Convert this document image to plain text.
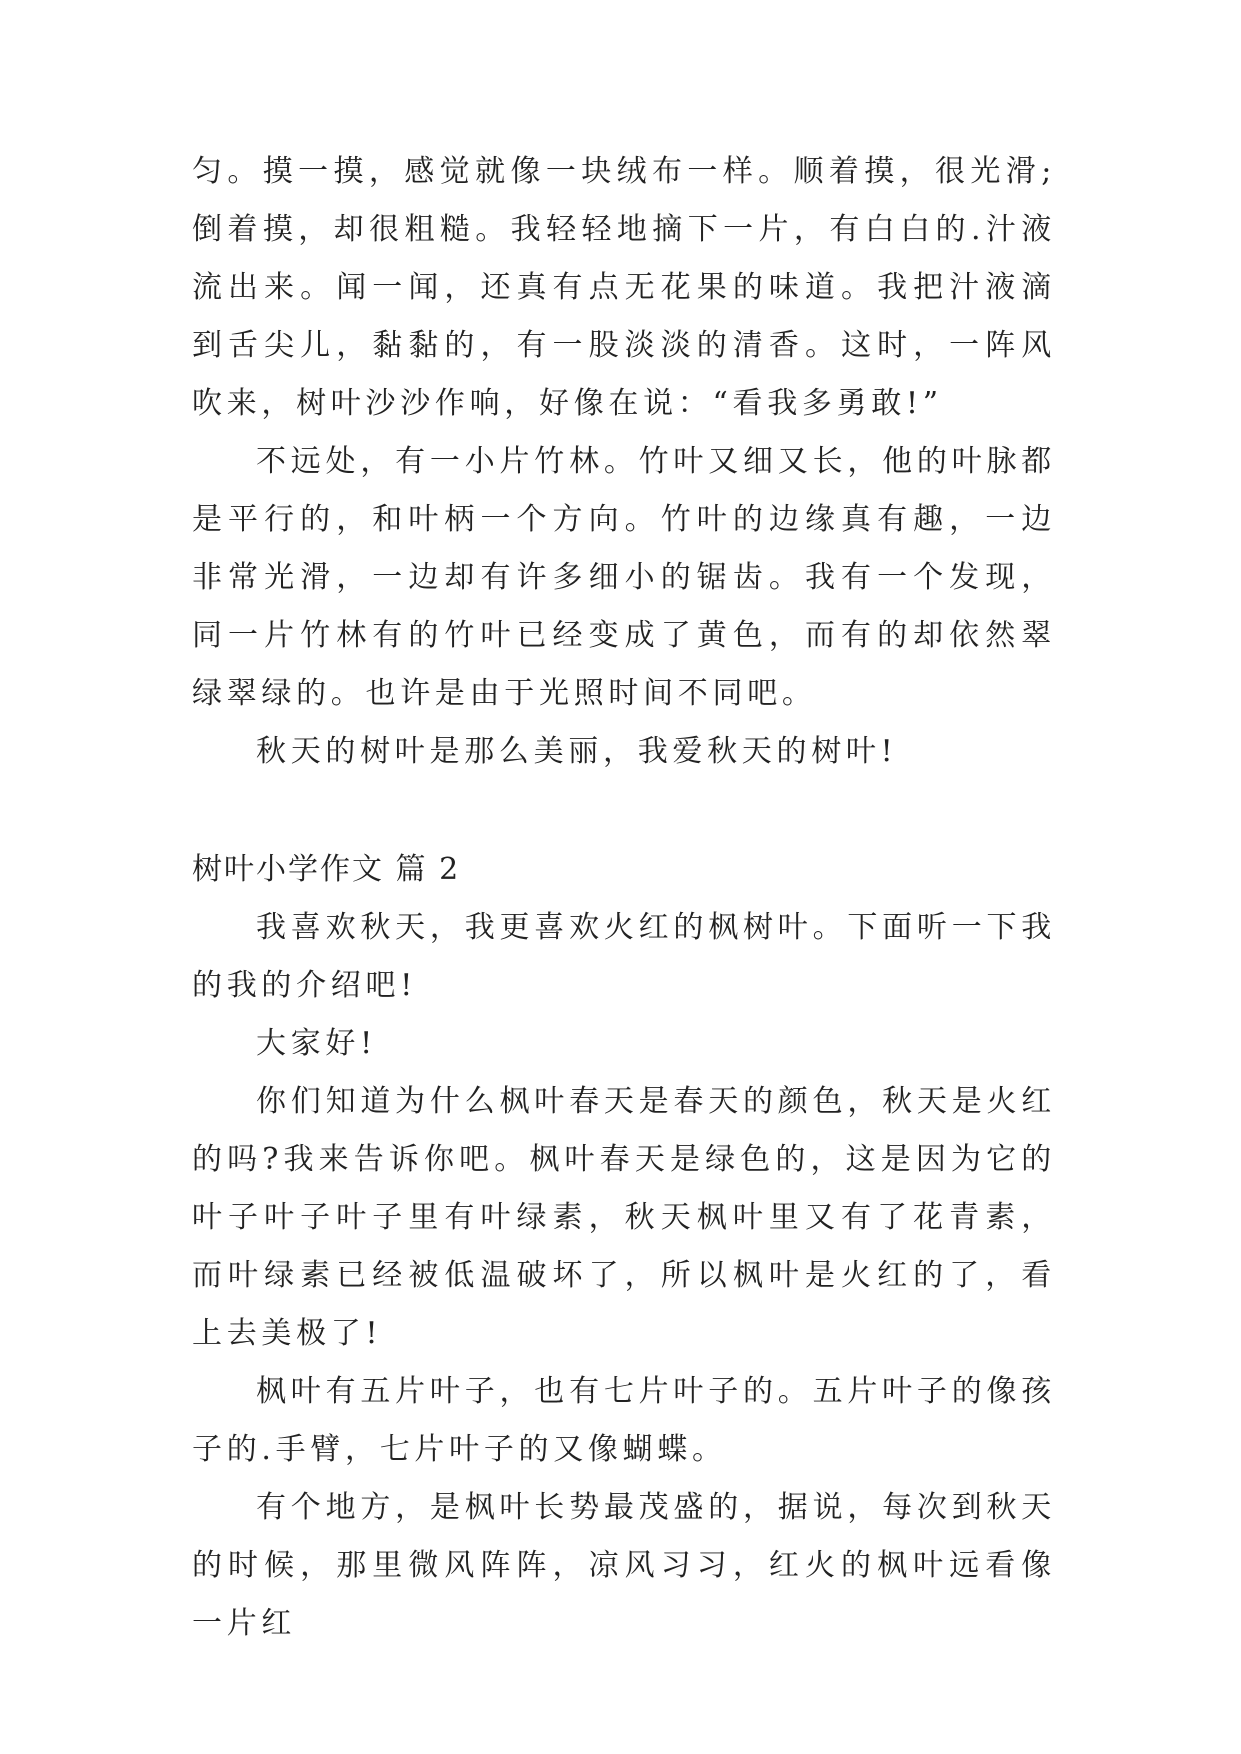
匀。摸一摸，感觉就像一块绒布一样。顺着摸，很光滑;倒着摸，却很粗糙。我轻轻地摘下一片，有白白的.汁液流出来。闻一闻，还真有点无花果的味道。我把汁液滴到舌尖儿，黏黏的，有一股淡淡的清香。这时，一阵风吹来，树叶沙沙作响，好像在说：“看我多勇敢!”

不远处，有一小片竹林。竹叶又细又长，他的叶脉都是平行的，和叶柄一个方向。竹叶的边缘真有趣，一边非常光滑，一边却有许多细小的锯齿。我有一个发现，同一片竹林有的竹叶已经变成了黄色，而有的却依然翠绿翠绿的。也许是由于光照时间不同吧。

秋天的树叶是那么美丽，我爱秋天的树叶!

树叶小学作文 篇 2

我喜欢秋天，我更喜欢火红的枫树叶。下面听一下我的我的介绍吧!

大家好!

你们知道为什么枫叶春天是春天的颜色，秋天是火红的吗?我来告诉你吧。枫叶春天是绿色的，这是因为它的叶子叶子叶子里有叶绿素，秋天枫叶里又有了花青素，而叶绿素已经被低温破坏了，所以枫叶是火红的了，看上去美极了!

枫叶有五片叶子，也有七片叶子的。五片叶子的像孩子的.手臂，七片叶子的又像蝴蝶。

有个地方，是枫叶长势最茂盛的，据说，每次到秋天的时候，那里微风阵阵，凉风习习，红火的枫叶远看像一片红
